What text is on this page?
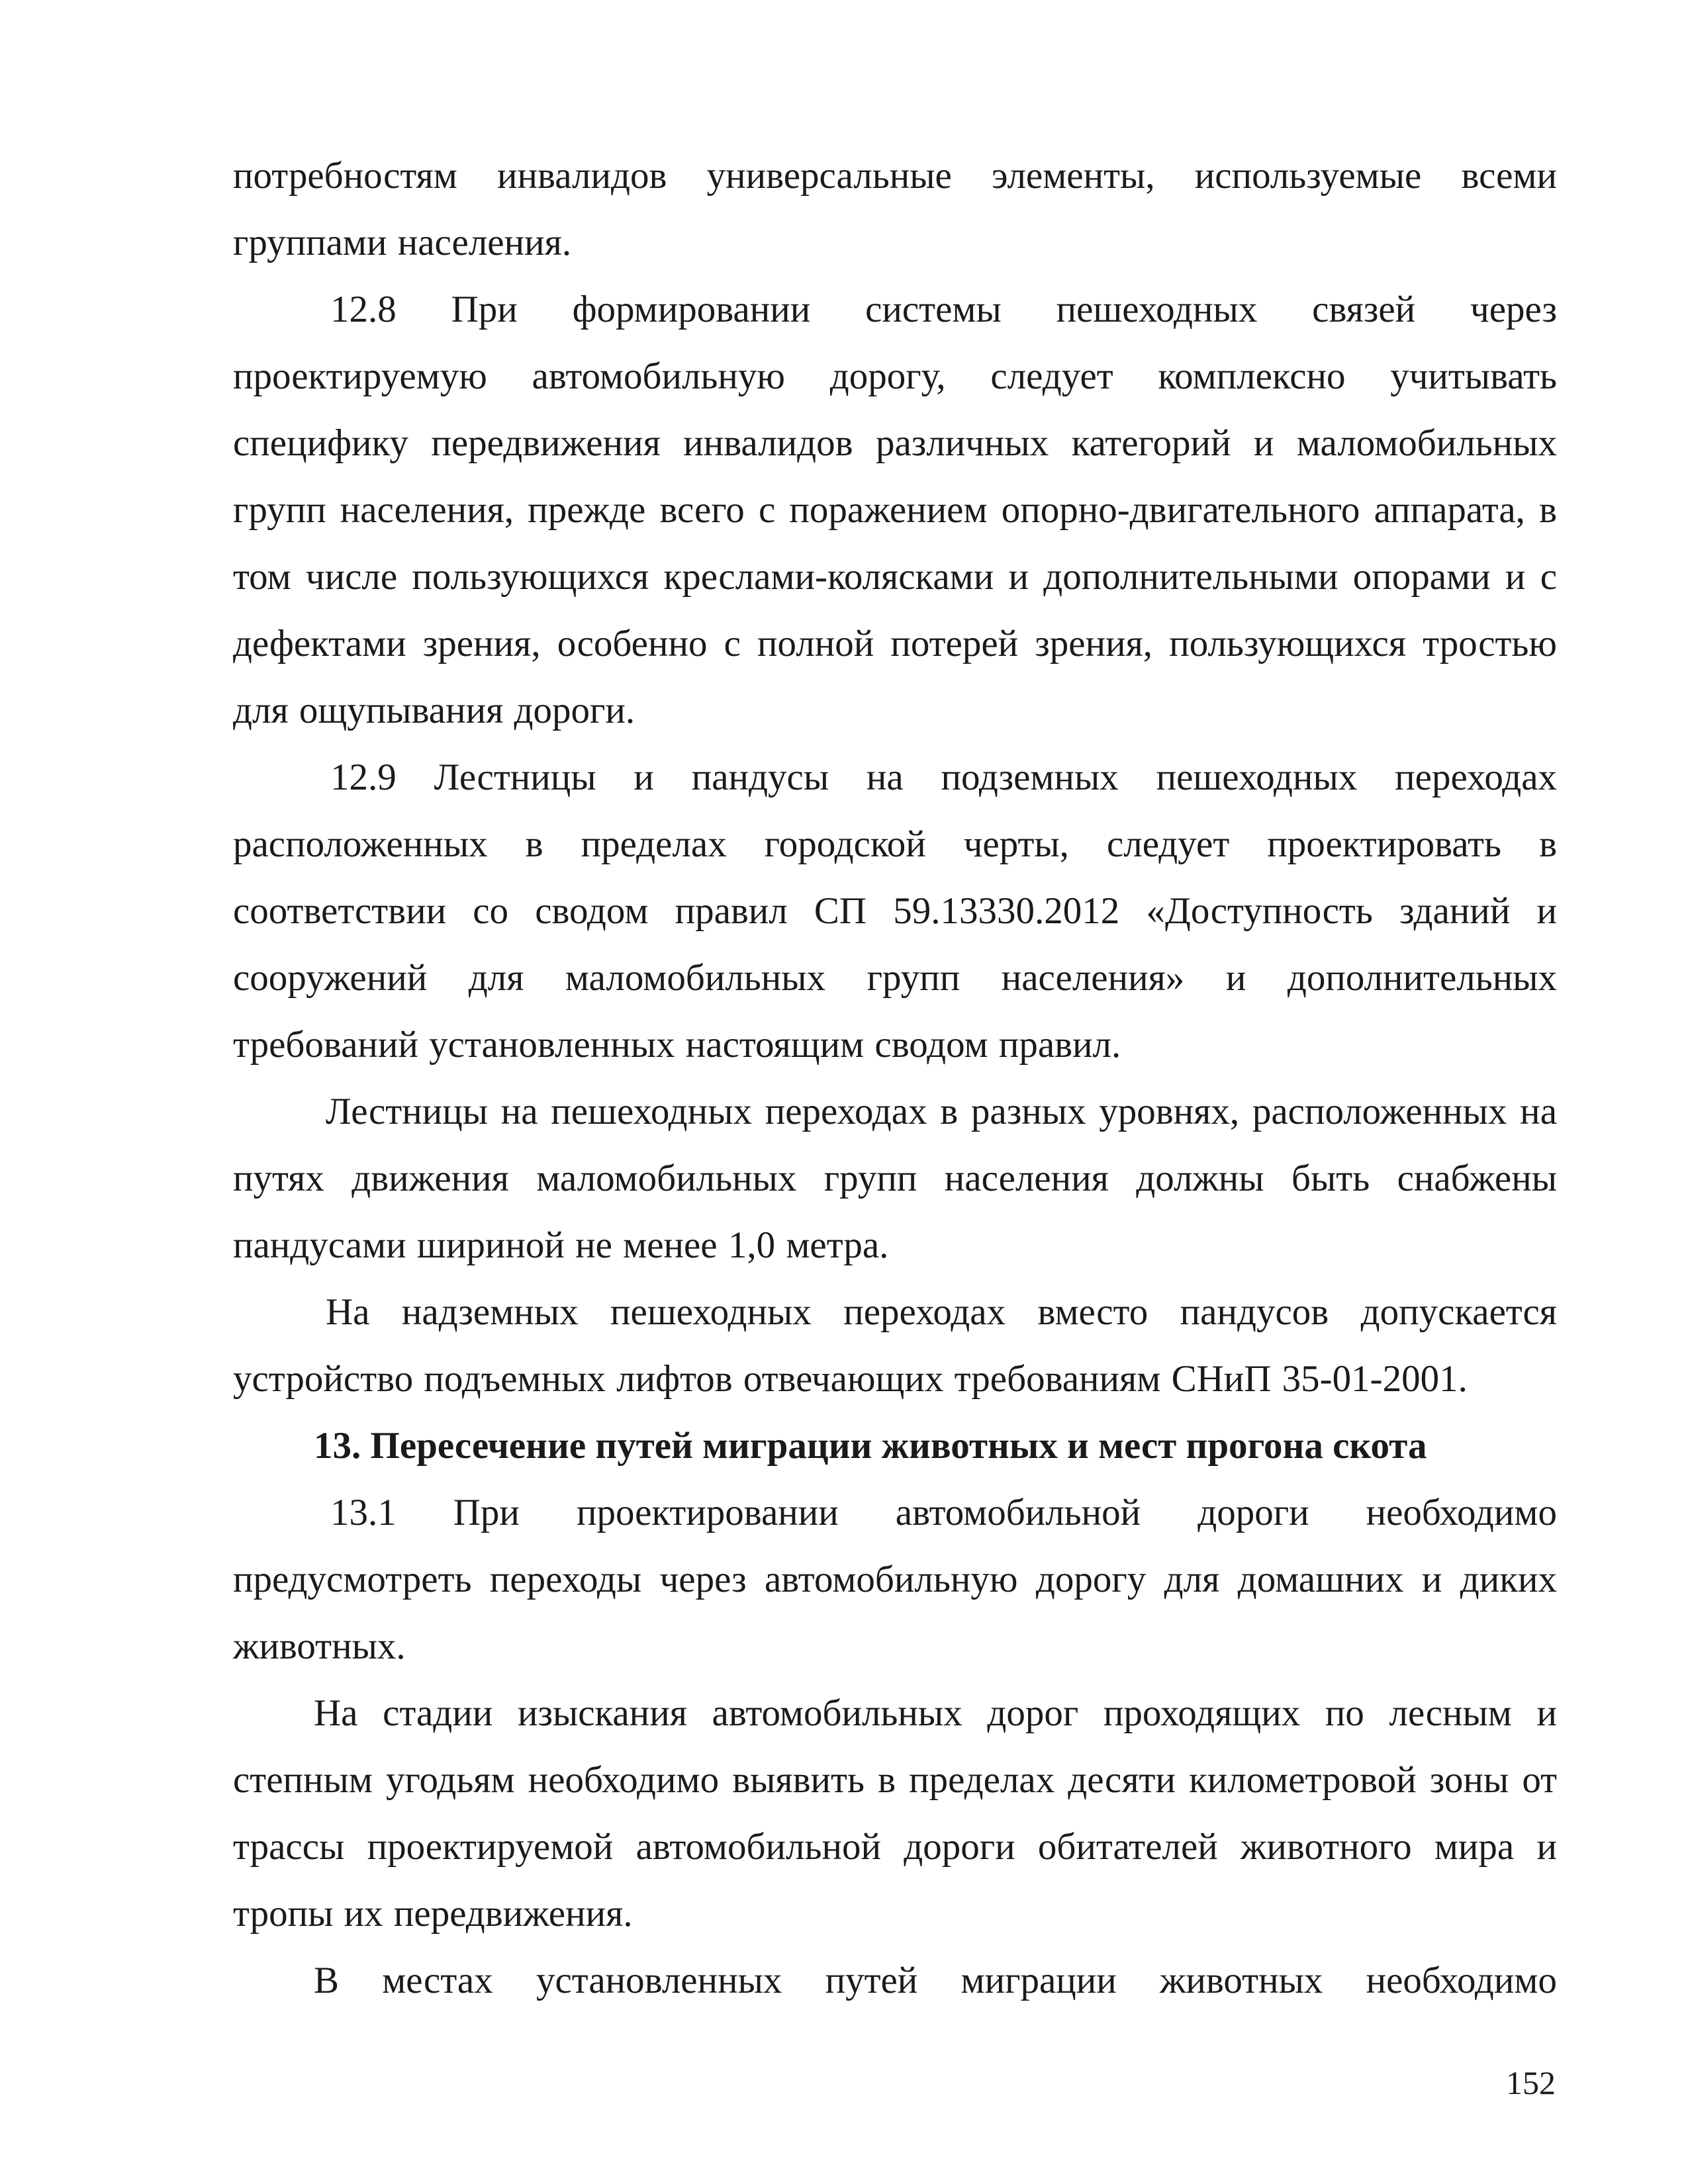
потребностям инвалидов универсальные элементы, используемые всеми группами населения.

12.8 При формировании системы пешеходных связей через проектируемую автомобильную дорогу, следует комплексно учитывать специфику передвижения инвалидов различных категорий и маломобильных групп населения, прежде всего с поражением опорно-двигательного аппарата, в том числе пользующихся креслами-колясками и дополнительными опорами и с дефектами зрения, особенно с полной потерей зрения, пользующихся тростью для ощупывания дороги.

12.9 Лестницы и пандусы на подземных пешеходных переходах расположенных в пределах городской черты, следует проектировать в соответствии со сводом правил СП 59.13330.2012 «Доступность зданий и сооружений для маломобильных групп населения» и дополнительных требований установленных настоящим сводом правил.

Лестницы на пешеходных переходах в разных уровнях, расположенных на путях движения маломобильных групп населения должны быть снабжены пандусами шириной не менее 1,0 метра.

На надземных пешеходных переходах вместо пандусов допускается устройство подъемных лифтов отвечающих требованиям СНиП 35-01-2001.

13. Пересечение путей миграции животных и мест прогона скота

13.1 При проектировании автомобильной дороги необходимо предусмотреть переходы через автомобильную дорогу для домашних и диких животных.

На стадии изыскания автомобильных дорог проходящих по лесным и степным угодьям необходимо выявить в пределах десяти километровой зоны от трассы проектируемой автомобильной дороги обитателей животного мира и тропы их передвижения.

В местах установленных путей миграции животных необходимо

152
